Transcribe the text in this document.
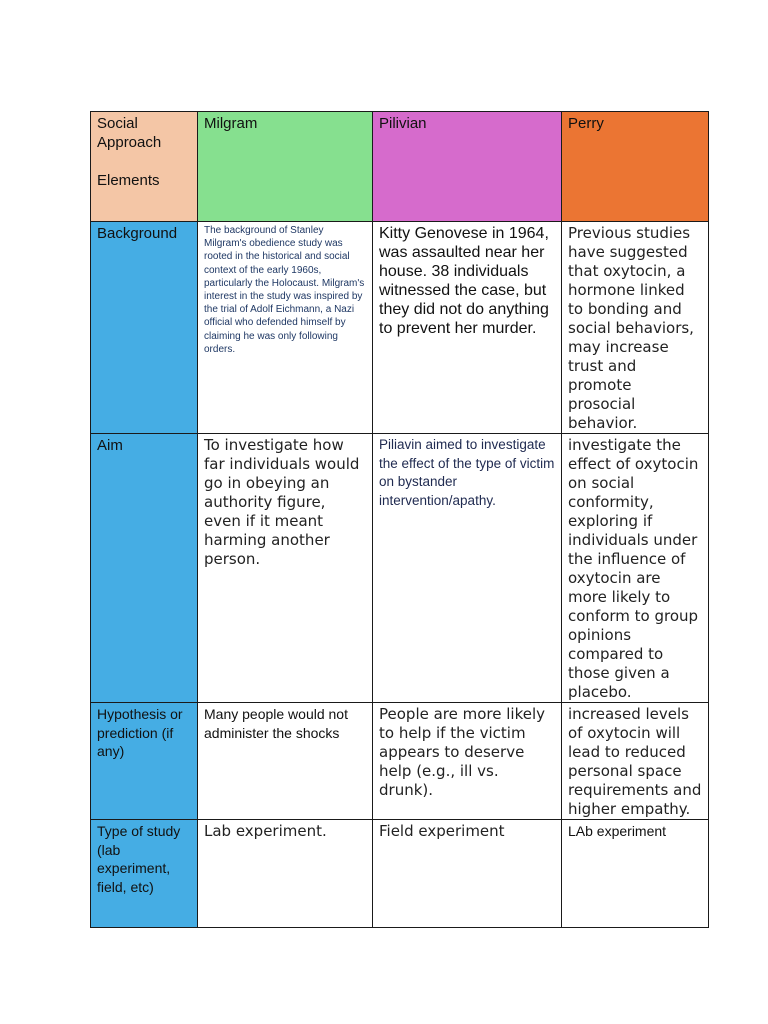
Social
Approach

Elements	Milgram	Pilivian	Perry

Background	The background of Stanley Milgram's obedience study was rooted in the historical and social context of the early 1960s, particularly the Holocaust. Milgram's interest in the study was inspired by the trial of Adolf Eichmann, a Nazi official who defended himself by claiming he was only following orders.	Kitty Genovese in 1964, was assaulted near her house. 38 individuals witnessed the case, but they did not do anything to prevent her murder.	Previous studies have suggested that oxytocin, a hormone linked to bonding and social behaviors, may increase trust and promote prosocial behavior.

Aim	To investigate how far individuals would go in obeying an authority figure, even if it meant harming another person.	Piliavin aimed to investigate the effect of the type of victim on bystander intervention/apathy.	investigate the effect of oxytocin on social conformity, exploring if individuals under the influence of oxytocin are more likely to conform to group opinions compared to those given a placebo.

Hypothesis or prediction (if any)	Many people would not administer the shocks	People are more likely to help if the victim appears to deserve help (e.g., ill vs. drunk).	increased levels of oxytocin will lead to reduced personal space requirements and higher empathy.

Type of study (lab experiment, field, etc)	Lab experiment.	Field experiment	LAb experiment
